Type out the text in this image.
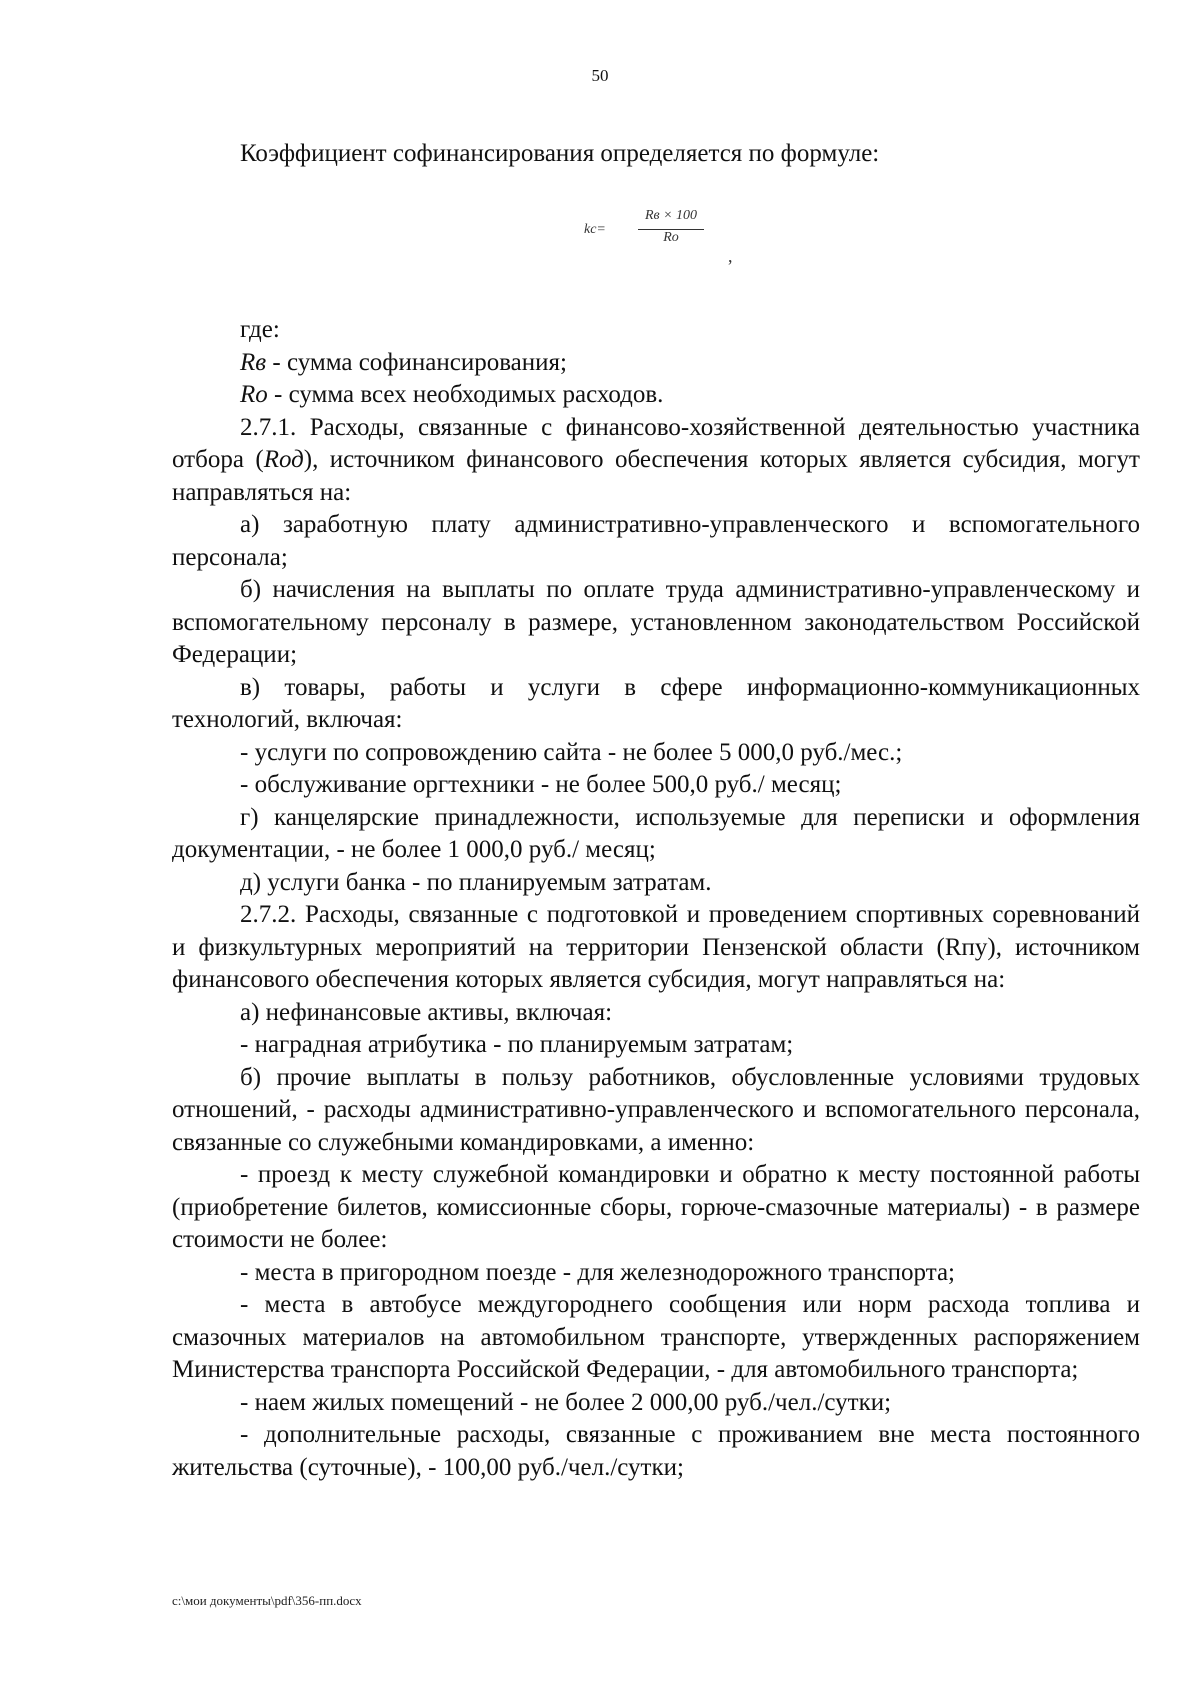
50
Коэффициент софинансирования определяется по формуле:
kс=
Rв × 100
Rо
,

где:

Rв - сумма софинансирования;

Rо - сумма всех необходимых расходов.

2.7.1. Расходы, связанные с финансово-хозяйственной деятельностью участника отбора (Rод), источником финансового обеспечения которых является субсидия, могут направляться на:

а) заработную плату административно-управленческого и вспомогательного персонала;

б) начисления на выплаты по оплате труда административно-управленческому и вспомогательному персоналу в размере, установленном законодательством Российской Федерации;

в) товары, работы и услуги в сфере информационно-коммуникационных технологий, включая:

- услуги по сопровождению сайта - не более 5 000,0 руб./мес.;

- обслуживание оргтехники - не более 500,0 руб./ месяц;

г) канцелярские принадлежности, используемые для переписки и оформления документации, - не более 1 000,0 руб./ месяц;

д) услуги банка - по планируемым затратам.

2.7.2. Расходы, связанные с подготовкой и проведением спортивных соревнований и физкультурных мероприятий на территории Пензенской области (Rпу), источником финансового обеспечения которых является субсидия, могут направляться на:

а) нефинансовые активы, включая:

- наградная атрибутика - по планируемым затратам;

б) прочие выплаты в пользу работников, обусловленные условиями трудовых отношений, - расходы административно-управленческого и вспомогательного персонала, связанные со служебными командировками, а именно:

- проезд к месту служебной командировки и обратно к месту постоянной работы (приобретение билетов, комиссионные сборы, горюче-смазочные материалы) - в размере стоимости не более:

- места в пригородном поезде - для железнодорожного транспорта;

- места в автобусе междугороднего сообщения или норм расхода топлива и смазочных материалов на автомобильном транспорте, утвержденных распоряжением Министерства транспорта Российской Федерации, - для автомобильного транспорта;

- наем жилых помещений - не более 2 000,00 руб./чел./сутки;

- дополнительные расходы, связанные с проживанием вне места постоянного жительства (суточные), - 100,00 руб./чел./сутки;

c:\мои документы\pdf\356-пп.docx
